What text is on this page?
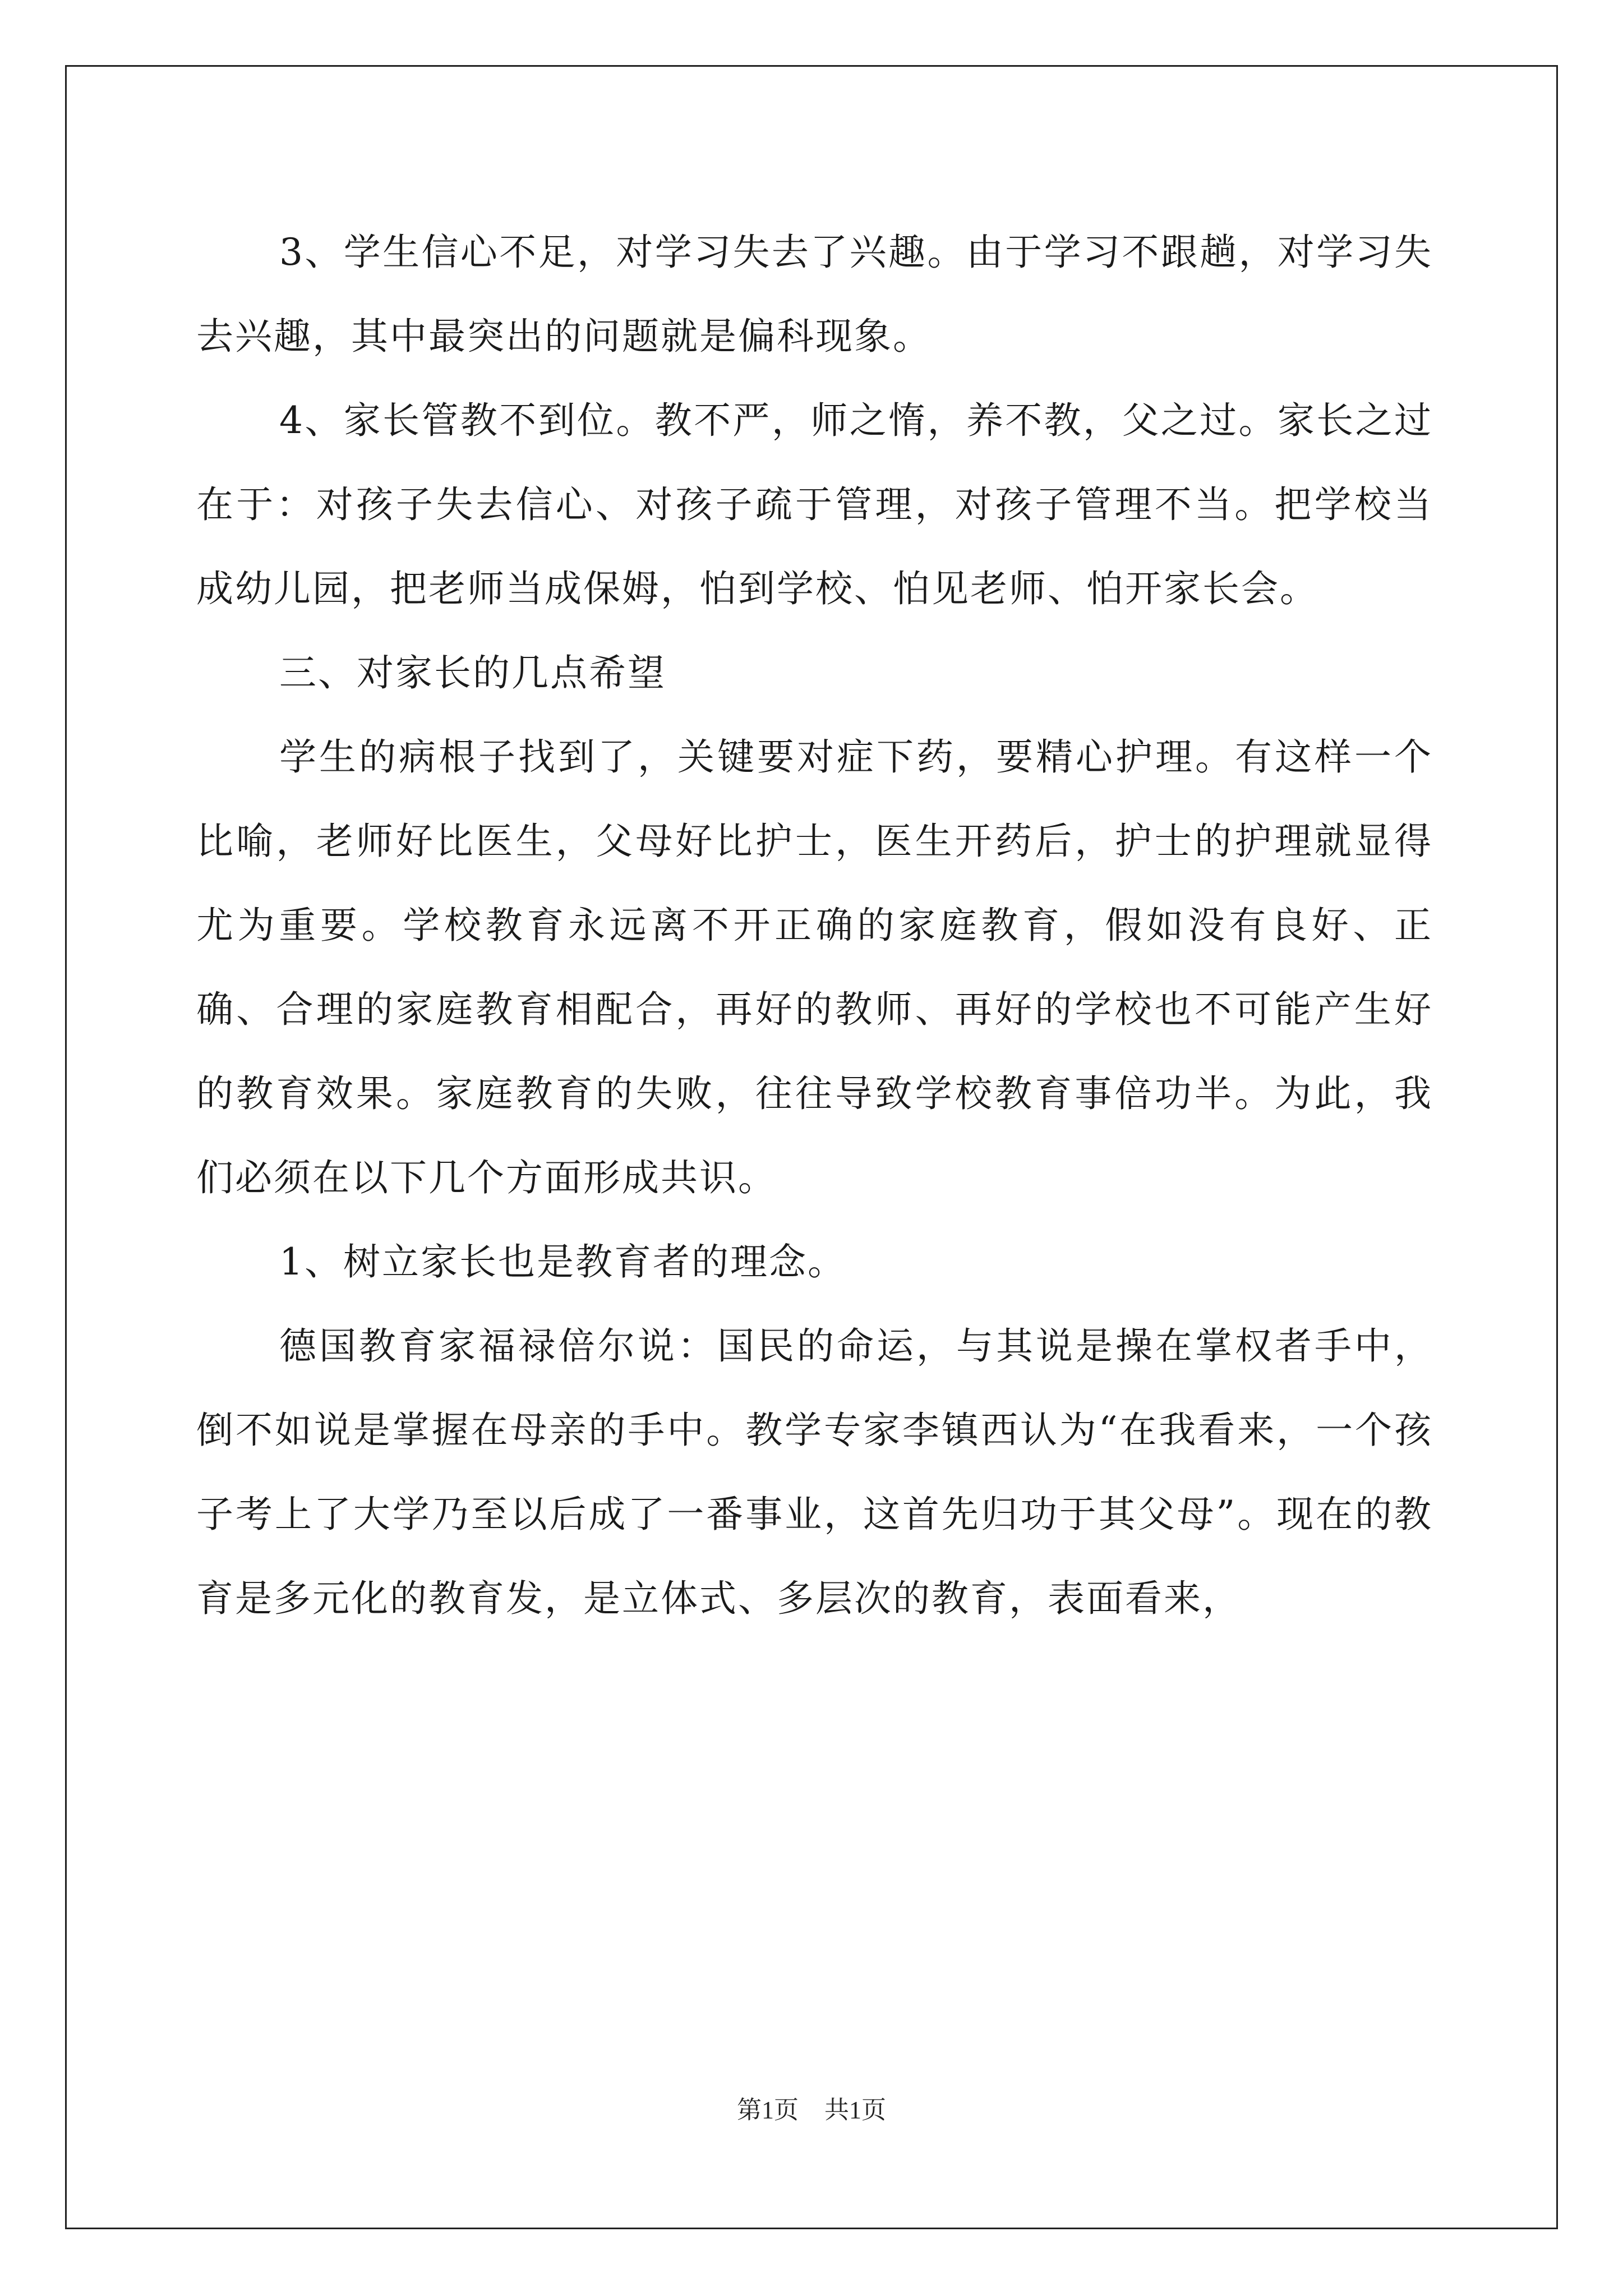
3、学生信心不足，对学习失去了兴趣。由于学习不跟趟，对学习失去兴趣，其中最突出的问题就是偏科现象。

4、家长管教不到位。教不严，师之惰，养不教，父之过。家长之过在于：对孩子失去信心、对孩子疏于管理，对孩子管理不当。把学校当成幼儿园，把老师当成保姆，怕到学校、怕见老师、怕开家长会。

三、对家长的几点希望

学生的病根子找到了，关键要对症下药，要精心护理。有这样一个比喻，老师好比医生，父母好比护士，医生开药后，护士的护理就显得尤为重要。学校教育永远离不开正确的家庭教育，假如没有良好、正确、合理的家庭教育相配合，再好的教师、再好的学校也不可能产生好的教育效果。家庭教育的失败，往往导致学校教育事倍功半。为此，我们必须在以下几个方面形成共识。

1、树立家长也是教育者的理念。

德国教育家福禄倍尔说：国民的命运，与其说是操在掌权者手中，倒不如说是掌握在母亲的手中。教学专家李镇西认为“在我看来，一个孩子考上了大学乃至以后成了一番事业，这首先归功于其父母”。现在的教育是多元化的教育发，是立体式、多层次的教育，表面看来，

第1页 共1页
